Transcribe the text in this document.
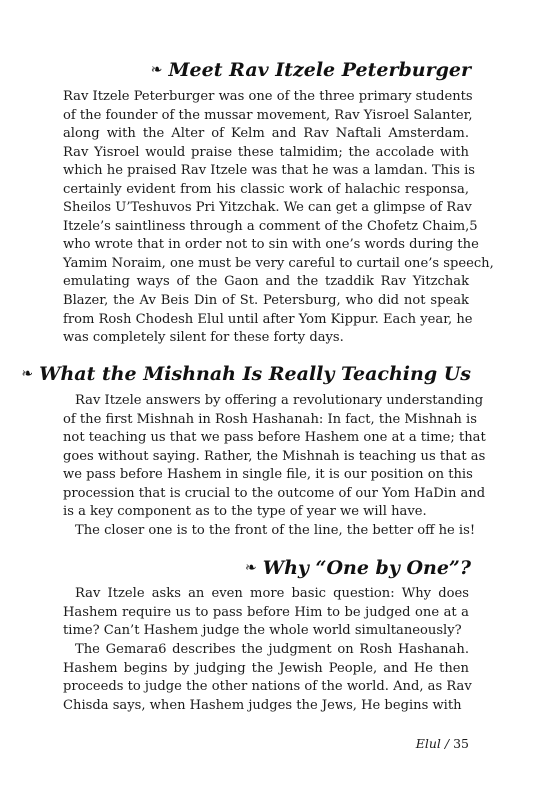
❧ Meet Rav Itzele Peterburger
Rav Itzele Peterburger was one of the three primary students
of the founder of the mussar movement, Rav Yisroel Salanter,
along with the Alter of Kelm and Rav Naftali Amsterdam.
Rav Yisroel would praise these talmidim; the accolade with
which he praised Rav Itzele was that he was a lamdan. This is
certainly evident from his classic work of halachic responsa,
Sheilos U’Teshuvos Pri Yitzchak. We can get a glimpse of Rav
Itzele’s saintliness through a comment of the Chofetz Chaim,5
who wrote that in order not to sin with one’s words during the
Yamim Noraim, one must be very careful to curtail one’s speech,
emulating ways of the Gaon and the tzaddik Rav Yitzchak
Blazer, the Av Beis Din of St. Petersburg, who did not speak
from Rosh Chodesh Elul until after Yom Kippur. Each year, he
was completely silent for these forty days.
❧ What the Mishnah Is Really Teaching Us
Rav Itzele answers by offering a revolutionary understanding
of the first Mishnah in Rosh Hashanah: In fact, the Mishnah is
not teaching us that we pass before Hashem one at a time; that
goes without saying. Rather, the Mishnah is teaching us that as
we pass before Hashem in single file, it is our position on this
procession that is crucial to the outcome of our Yom HaDin and
is a key component as to the type of year we will have.
The closer one is to the front of the line, the better off he is!
❧ Why “One by One”?
Rav Itzele asks an even more basic question: Why does
Hashem require us to pass before Him to be judged one at a
time? Can’t Hashem judge the whole world simultaneously?
The Gemara6 describes the judgment on Rosh Hashanah.
Hashem begins by judging the Jewish People, and He then
proceeds to judge the other nations of the world. And, as Rav
Chisda says, when Hashem judges the Jews, He begins with
Elul / 35
